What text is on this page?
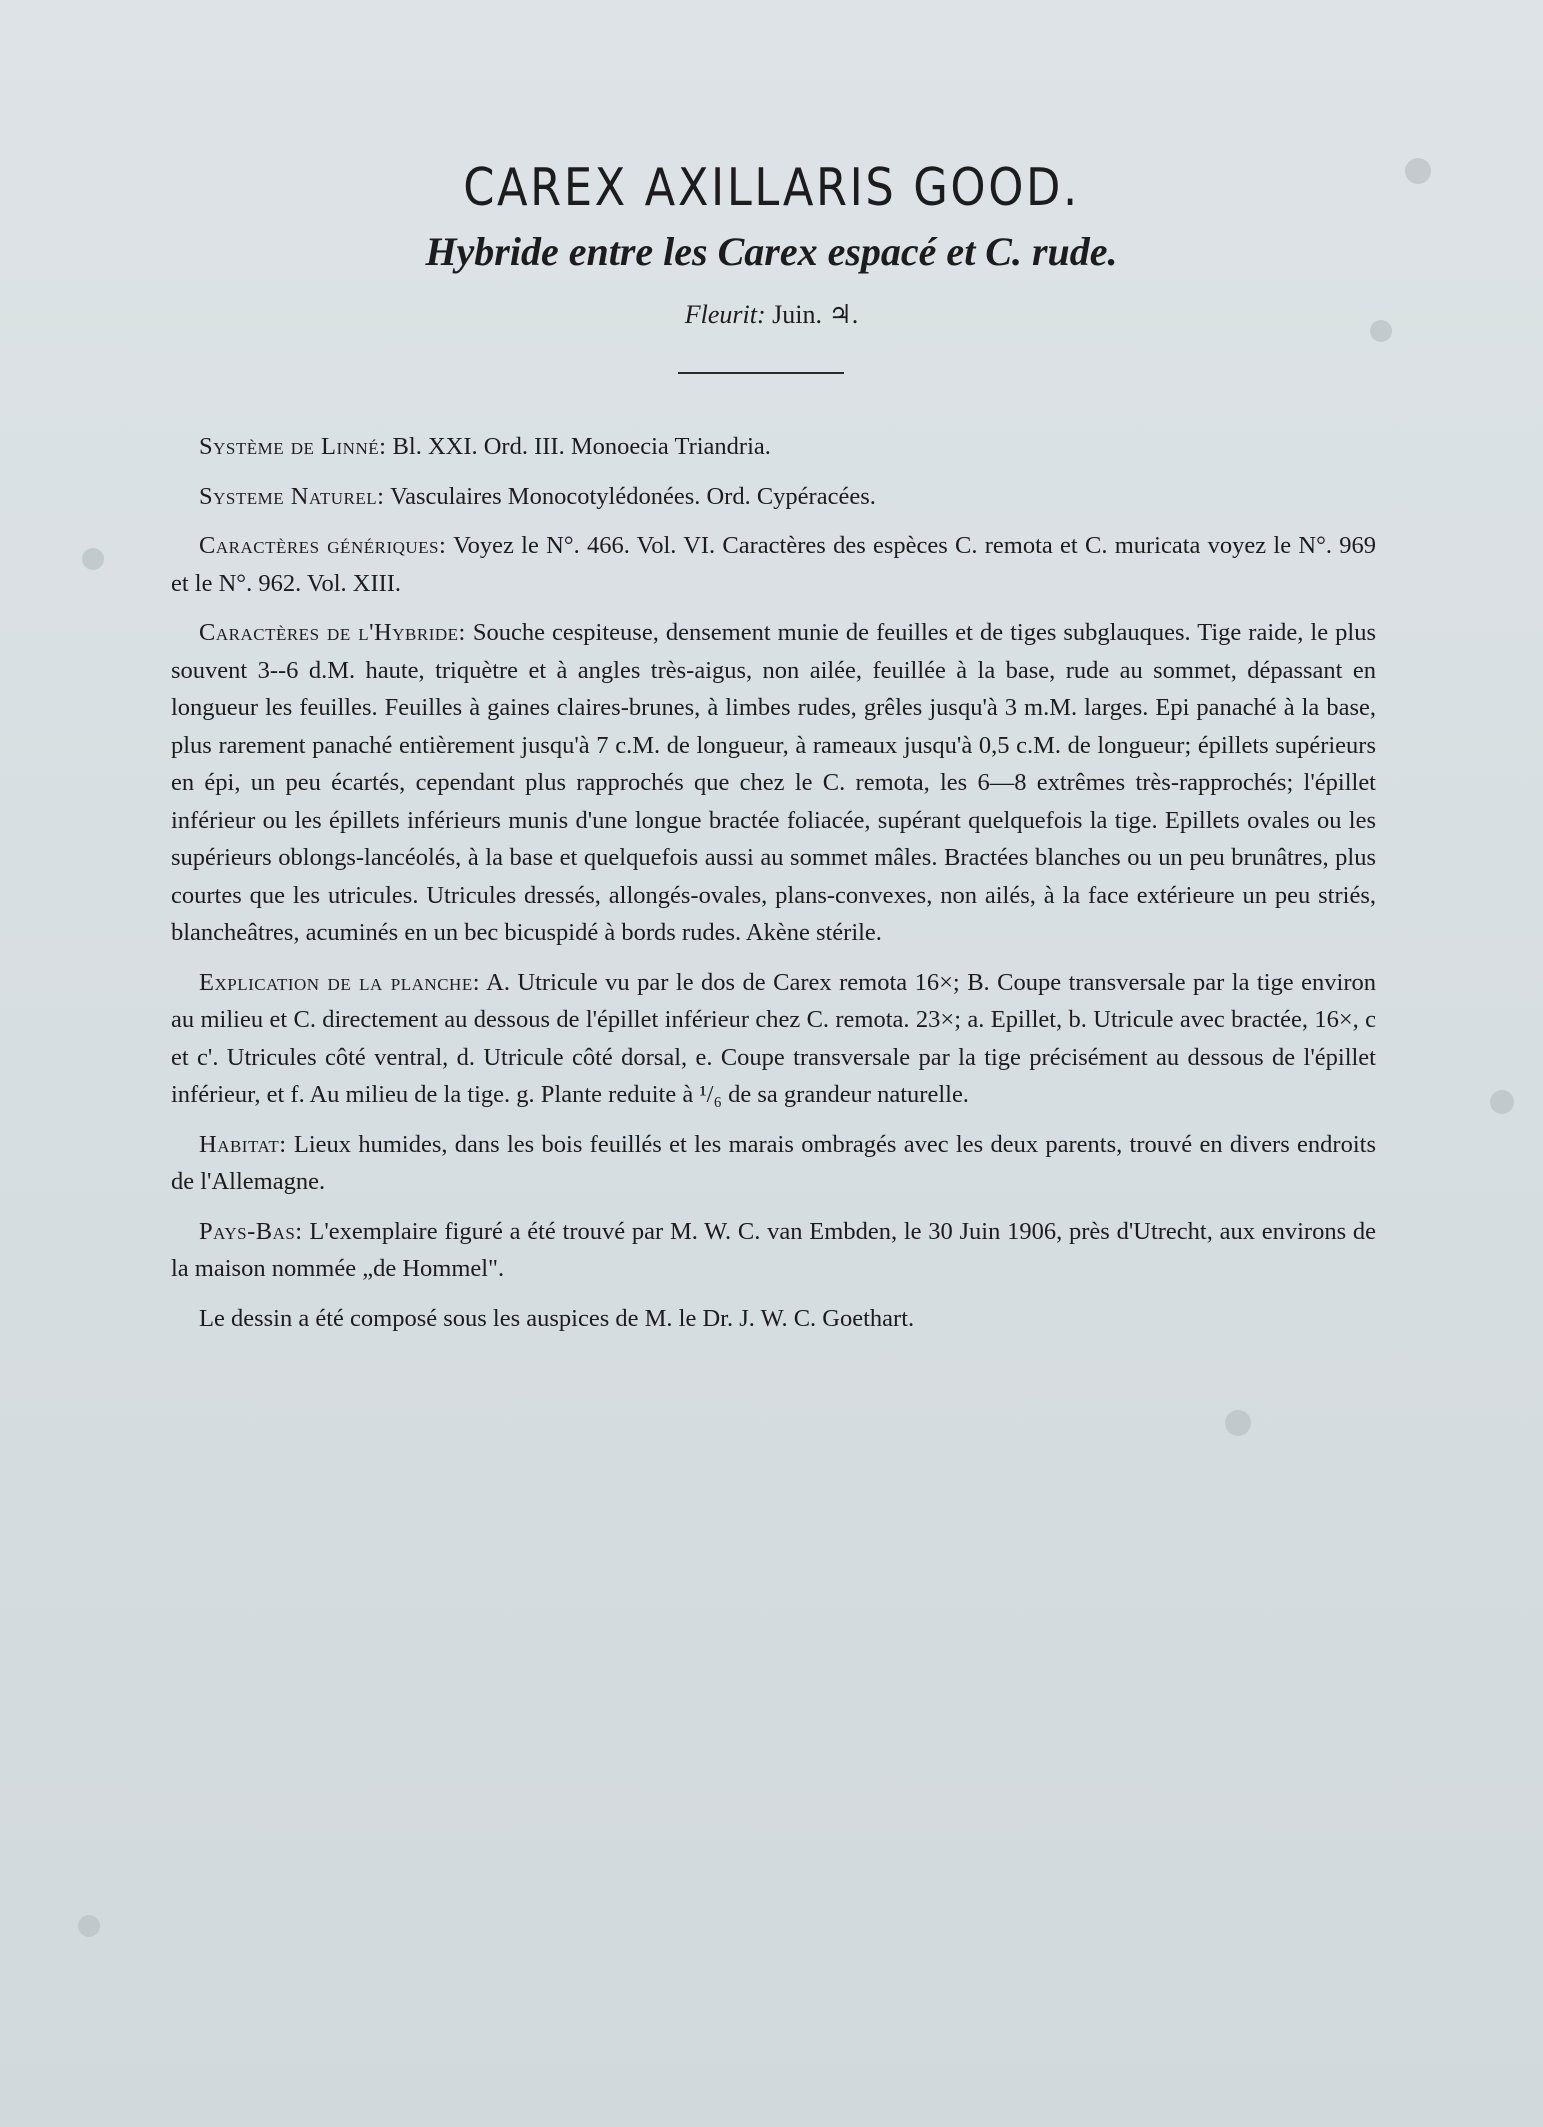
CAREX AXILLARIS GOOD.
Hybride entre les Carex espacé et C. rude.

Fleurit: Juin. ♃.

Système de Linné: Bl. XXI. Ord. III. Monoecia Triandria.

Systeme Naturel: Vasculaires Monocotylédonées. Ord. Cypéracées.

Caractères génériques: Voyez le N°. 466. Vol. VI. Caractères des espèces C. remota et C. muricata voyez le N°. 969 et le N°. 962. Vol. XIII.

Caractères de l'Hybride: Souche cespiteuse, densement munie de feuilles et de tiges subglauques. Tige raide, le plus souvent 3--6 d.M. haute, triquètre et à angles très-aigus, non ailée, feuillée à la base, rude au sommet, dépassant en longueur les feuilles. Feuilles à gaines claires-brunes, à limbes rudes, grêles jusqu'à 3 m.M. larges. Epi panaché à la base, plus rarement panaché entièrement jusqu'à 7 c.M. de longueur, à rameaux jusqu'à 0,5 c.M. de longueur; épillets supérieurs en épi, un peu écartés, cependant plus rapprochés que chez le C. remota, les 6—8 extrêmes très-rapprochés; l'épillet inférieur ou les épillets inférieurs munis d'une longue bractée foliacée, supérant quelquefois la tige. Epillets ovales ou les supérieurs oblongs-lancéolés, à la base et quelquefois aussi au sommet mâles. Bractées blanches ou un peu brunâtres, plus courtes que les utricules. Utricules dressés, allongés-ovales, plans-convexes, non ailés, à la face extérieure un peu striés, blanchеâtres, acuminés en un bec bicuspidé à bords rudes. Akène stérile.

Explication de la planche: A. Utricule vu par le dos de Carex remota 16×; B. Coupe transversale par la tige environ au milieu et C. directement au dessous de l'épillet inférieur chez C. remota. 23×; a. Epillet, b. Utricule avec bractée, 16×, c et c'. Utricules côté ventral, d. Utricule côté dorsal, e. Coupe transversale par la tige précisément au dessous de l'épillet inférieur, et f. Au milieu de la tige. g. Plante reduite à ¹/₆ de sa grandeur naturelle.

Habitat: Lieux humides, dans les bois feuillés et les marais ombragés avec les deux parents, trouvé en divers endroits de l'Allemagne.

Pays-Bas: L'exemplaire figuré a été trouvé par M. W. C. van Embden, le 30 Juin 1906, près d'Utrecht, aux environs de la maison nommée „de Hommel".

Le dessin a été composé sous les auspices de M. le Dr. J. W. C. Goethart.
